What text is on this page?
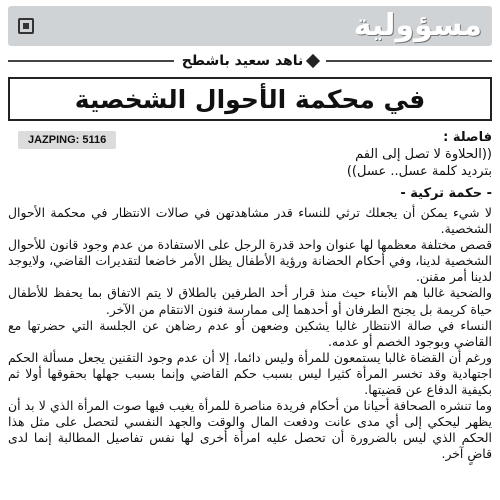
مسؤولية
ناهد سعيد باشطح
في محكمة الأحوال الشخصية
فاصلة :
((الحلاوة لا تصل إلى الفم
بترديد كلمة عسل.. عسل))
JAZPING: 5116
- حكمة تركية -

لا شيء يمكن أن يجعلك ترثي للنساء قدر مشاهدتهن في صالات الانتظار في محكمة الأحوال الشخصية.

قصص مختلفة معظمها لها عنوان واحد قدرة الرجل على الاستفادة من عدم وجود قانون للأحوال الشخصية لدينا، وفي أحكام الحضانة ورؤية الأطفال يظل الأمر خاضعا لتقديرات القاضي، ولايوجد لدينا أمر مقنن.

والضحية غالبا هم الأبناء حيث منذ قرار أحد الطرفين بالطلاق لا يتم الاتفاق بما يحفظ للأطفال حياة كريمة بل يجنح الطرفان أو أحدهما إلى ممارسة فنون الانتقام من الآخر.

النساء في صالة الانتظار غالبا يشكين وضعهن أو عدم رضاهن عن الجلسة التي حضرتها مع القاضي وبوجود الخصم أو عدمه.

ورغم أن القضاة غالبا يستمعون للمرأة وليس دائما، إلا أن عدم وجود التقنين يجعل مسألة الحكم اجتهادية وقد تخسر المرأة كثيرا ليس بسبب حكم القاضي وإنما بسبب جهلها بحقوقها أولا ثم بكيفية الدفاع عن قضيتها.

وما تنشره الصحافة أحيانا من أحكام فريدة مناصرة للمرأة يغيب فيها صوت المرأة الذي لا بد أن يظهر ليحكي إلى أي مدى عانت ودفعت المال والوقت والجهد النفسي لتحصل على مثل هذا الحكم الذي ليس بالضرورة أن تحصل عليه امرأة أخرى لها نفس تفاصيل المطالبة إنما لدى قاضٍ آخر.
